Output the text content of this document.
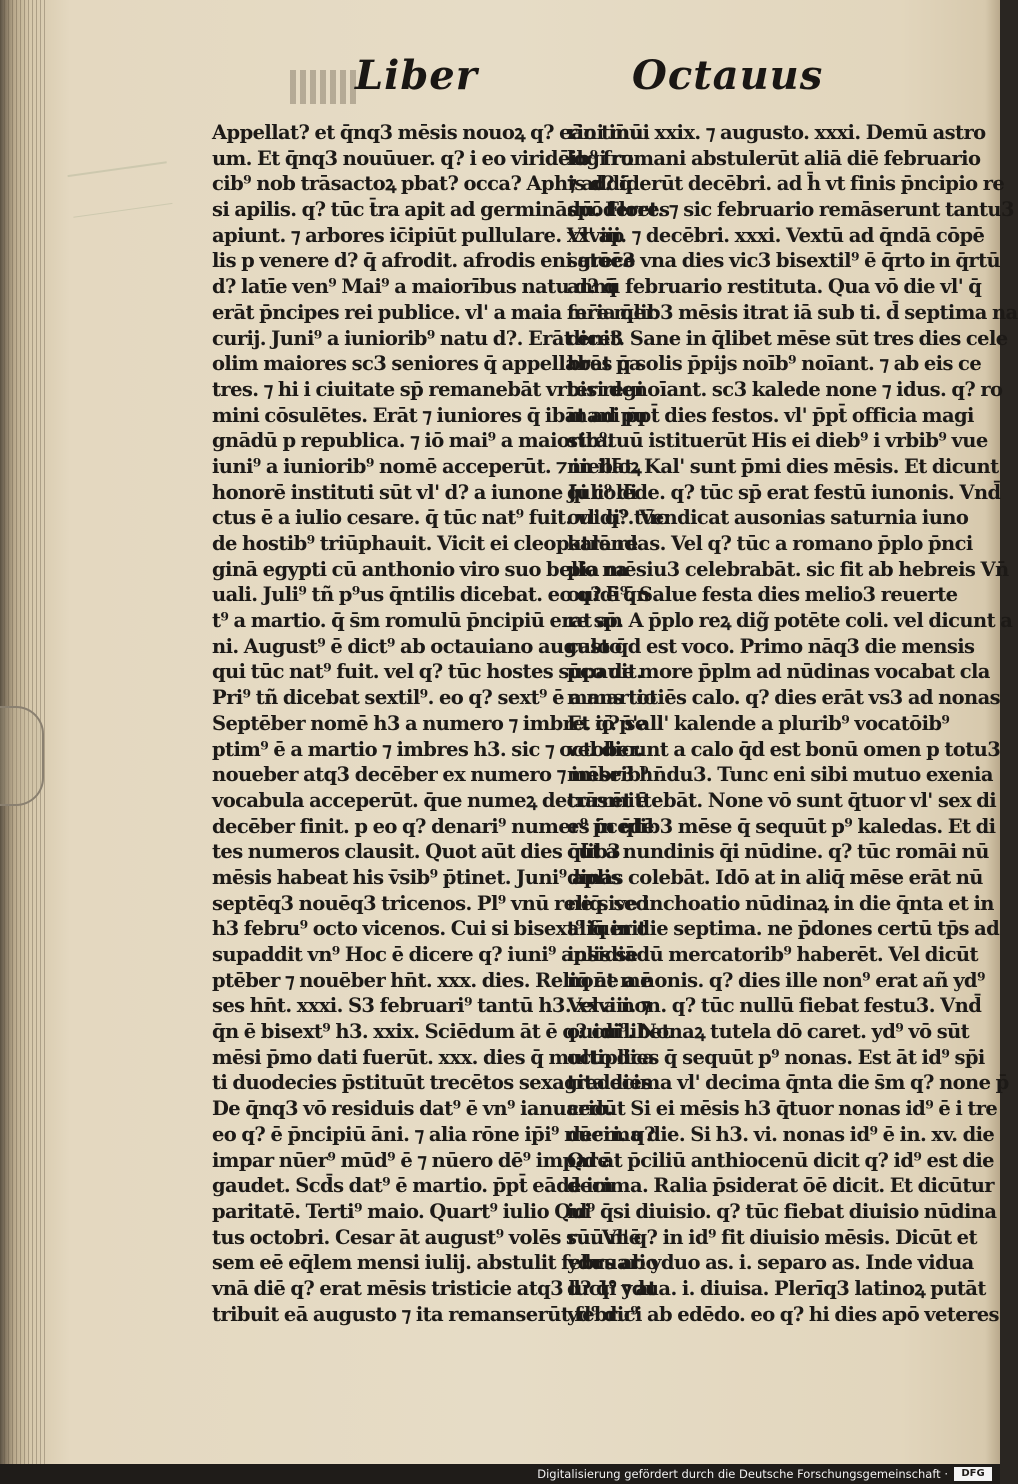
Liber	Octauus
Appellat? et q̄nq3 mēsis nouoꝝ q? eāni inui
um. Et q̄nq3 nouūuer. q? i eo viridēib⁹ fru
cib⁹ nob trāsactoꝝ pbat? occa? Aphis d? q̄
si apilis. q? tūc t̄ra apit ad germinādū. Flores
apiunt. ⁊ arbores ic̄ipiūt pullulare. Vl' ap
lis p venere d? q̄ afrodit. afrodis eni grece
d? latīe ven⁹ Mai⁹ a maiorībus natu d? q̄
erāt p̄ncipes rei publice. vl' a maia mr̄e mer
curij. Juni⁹ a iuniorib⁹ natu d?. Erāt eni3
olim maiores sc3 seniores q̄ appellabāt pa
tres. ⁊ hi i ciuitate sp̄ remanebāt vrbis regi
mini cōsulētes. Erāt ⁊ iuniores q̄ ibāt ad pu
gnādū p republica. ⁊ iō mai⁹ a maiorib⁹.
iuni⁹ a iuniorib⁹ nomē acceperūt. ⁊ in illoꝝ
honorē instituti sūt vl' d? a iunone Juli⁹ di
ctus ē a iulio cesare. q̄ tūc nat⁹ fuit. vl' q? tūc
de hostib⁹ triūphauit. Vicit ei cleopatrā re
ginā egypti cū anthonio viro suo bello na
uali. Juli⁹ tñ p⁹us q̄ntilis dicebat. eo q? ē q̄n
t⁹ a martio. q̄ s̄m romulū p̄ncipiū erat an
ni. August⁹ ē dict⁹ ab octauiano augusto
qui tūc nat⁹ fuit. vel q? tūc hostes supauit.
Pri⁹ tñ dicebat sextil⁹. eo q? sext⁹ ē a martio
Septēber nomē h3 a numero ⁊ imbre. q? se
ptim⁹ ē a martio ⁊ imbres h3. sic ⁊ october.
noueber atq3 decēber ex numero ⁊ imbrib⁹
vocabula acceperūt. q̄ue numeꝝ decurrēt ē
decēber finit. p eo q? denari⁹ numer⁹ p̄cedē
tes numeros clausit. Quot aūt dies q̄lib3
mēsis habeat his v̄sib⁹ p̄tinet. Juni⁹ aplis
septēq3 nouēq3 tricenos. Pl⁹ vnū reliq̄. sed
h3 febru⁹ octo vicenos. Cui si bisext⁹ fuerit
supaddit vn⁹ Hoc ē dicere q? iuni⁹ aplis se
ptēber ⁊ nouēber hn̄t. xxx. dies. Reliq̄ āt mē
ses hn̄t. xxxi. S3 februari⁹ tantū h3. xxviii. ⁊
q̄n ē bisext⁹ h3. xxix. Sciēdum āt ē q? cuilibet
mēsi p̄mo dati fuerūt. xxx. dies q̄ multiplica
ti duodecies p̄stituūt trecētos sexagita dies
De q̄nq3 vō residuis dat⁹ ē vn⁹ ianuario.
eo q? ē p̄ncipiū āni. ⁊ alia rōne ip̄i⁹ nūeri. q?
impar nūer⁹ mūd⁹ ē ⁊ nūero dē⁹ impare
gaudet. Scd̄s dat⁹ ē martio. p̄pt̄ eādē im
paritatē. Terti⁹ maio. Quart⁹ iulio Qui
tus octobri. Cesar āt august⁹ volēs suū mē
sem eē eq̄lem mensi iulij. abstulit februario
vnā diē q? erat mēsis tristicie atq3 luct⁹ ⁊ at
tribuit eā augusto ⁊ ita remanserūt febru⁹
rio tm̄ū. xxix. ⁊ augusto. xxxi. Demū astro
logi romani abstulerūt aliā diē februario
⁊ addiderūt decēbri. ad h̄ vt finis p̄ncipio re
spōderet. ⁊ sic februario remāserunt tantu3
xxviii. ⁊ decēbri. xxxi. Vextū ad q̄ndā cōpē
satōē3 vna dies vic3 bisextil⁹ ē q̄rto in q̄rtū
annū februario restituta. Qua vō die vl' q̄
feria q̄lib3 mēsis itrat iā sub ti. d̄ septima na
dicet. Sane in q̄libet mēse sūt tres dies cele
bres q̄ solis p̄pijs noīb⁹ noīant. ⁊ ab eis ce
teri denoīant. sc3 kalede none ⁊ idus. q? ro
mani p̄pt̄ dies festos. vl' p̄pt̄ officia magi
stratuū istituerūt His ei dieb⁹ i vrbib⁹ vue
niebāt. Kal' sunt p̄mi dies mēsis. Et dicunt
q̄i colēde. q? tūc sp̄ erat festū iunonis. Vnd̄
ouidi⁹. Vendicat ausonias saturnia iuno
kalendas. Vel q? tūc a romano p̄plo p̄nci
pia mēsiu3 celebrabāt. sic fit ab hebreis Vn̄
ouidi⁹. Salue festa dies melio3 reuerte
re sp̄. A p̄plo reꝝ dig̃ potēte coli. vel dicunt a
calo q̄d est voco. Primo nāq3 die mensis
p̄co de more p̄plm ad nūdinas vocabat cla
mans totiēs calo. q? dies erāt vs3 ad nonas
Et iō p̄'all' kalende a plurib⁹ vocatōib⁹
vel dicunt a calo q̄d est bonū omen p totu3
mēse3 hn̄du3. Tunc eni sibi mutuo exenia
trāsmittebāt. None vō sunt q̄tuor vl' sex di
es in q̄lib3 mēse q̄ sequūt p⁹ kaledas. Et di
cūt a nundinis q̄i nūdine. q? tūc romāi nū
dinas colebāt. Idō at in aliq̄ mēse erāt nū
ne sive inchoatio nūdinaꝝ in die q̄nta et in
aliq̄ in die septima. ne p̄dones certū tp̄s ad
insidiādū mercatorib⁹ haberēt. Vel dicūt
none a nonis. q? dies ille non⁹ erat añ yd⁹
Vel a non. q? tūc nullū fiebat festu3. Vnd̄
ouidi⁹. Nonaꝝ tutela dō caret. yd⁹ vō sūt
octo dies q̄ sequūt p⁹ nonas. Est āt id⁹ sp̄i
tredecima vl' decima q̄nta die s̄m q? none p̄
cedūt Si ei mēsis h3 q̄tuor nonas id⁹ ē i tre
decima die. Si h3. vi. nonas id⁹ ē in. xv. die
Qd āt p̄ciliū anthiocenū dicit q? id⁹ est die
decima. Ralia p̄siderat ōē dicit. Et dicūtur
id⁹ q̄si diuisio. q? tūc fiebat diuisio nūdina
rū. Vl' q? in id⁹ fit diuisio mēsis. Dicūt et
ydus ab yduo as. i. separo as. Inde vidua
d? q̄i ydua. i. diuisa. Plerīq3 latinoꝝ putāt
yd⁹ dici ab edēdo. eo q? hi dies apō veteres
Digitalisierung gefördert durch die Deutsche Forschungsgemeinschaft ·	DFG
